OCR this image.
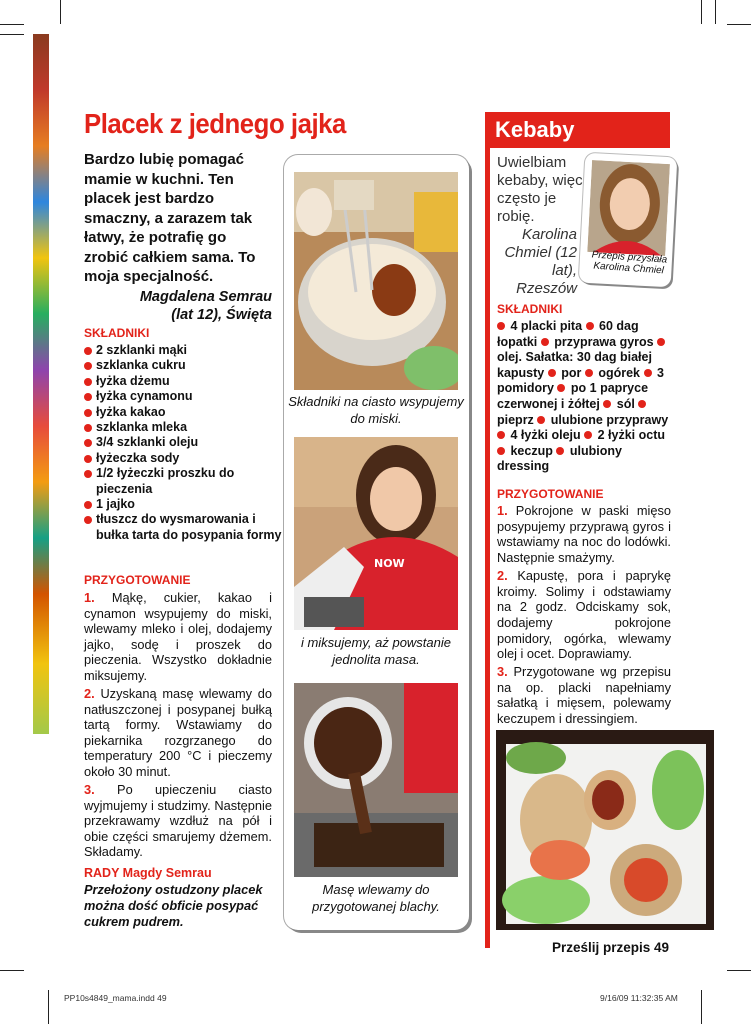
Placek z jednego jajka
Bardzo lubię pomagać mamie w kuchni. Ten placek jest bardzo smaczny, a zarazem tak łatwy, że potrafię go zrobić całkiem sama. To moja specjalność.
Magdalena Semrau
(lat 12), Święta
SKŁADNIKI
2 szklanki mąki
szklanka cukru
łyżka dżemu
łyżka cynamonu
łyżka kakao
szklanka mleka
3/4 szklanki oleju
łyżeczka sody
1/2 łyżeczki proszku do pieczenia
1 jajko
tłuszcz do wysmarowania i bułka tarta do posypania formy
PRZYGOTOWANIE

1. Mąkę, cukier, kakao i cynamon wsypujemy do miski, wlewamy mleko i olej, dodajemy jajko, sodę i proszek do pieczenia. Wszystko dokładnie miksujemy.

2. Uzyskaną masę wlewamy do natłuszczonej i posypanej bułką tartą formy. Wstawiamy do piekarnika rozgrzanego do temperatury 200 °C i pieczemy około 30 minut.

3. Po upieczeniu ciasto wyjmujemy i studzimy. Następnie przekrawamy wzdłuż na pół i obie części smarujemy dżemem. Składamy.

RADY Magdy Semrau
Przełożony ostudzony placek można dość obficie posypać cukrem pudrem.
Składniki na ciasto wsypujemy do miski.
NOW
i miksujemy, aż powstanie jednolita masa.
Masę wlewamy do przygotowanej blachy.
Kebaby
Uwielbiam kebaby, więc często je robię.
Karolina Chmiel (12 lat), Rzeszów
Przepis przysłała Karolina Chmiel
SKŁADNIKI
4 placki pita 60 dag łopatki przyprawa gyros  olej. Sałatka: 30 dag białej kapusty por ogórek 3 pomidory po 1 papryce czerwonej i żółtej sól  pieprz ulubione przyprawy  4 łyżki oleju 2 łyżki octu  keczup ulubiony dressing
PRZYGOTOWANIE

1. Pokrojone w paski mięso posypujemy przyprawą gyros i wstawiamy na noc do lodówki. Następnie smażymy.

2. Kapustę, pora i paprykę kroimy. Solimy i odstawiamy na 2 godz. Odciskamy sok, dodajemy pokrojone pomidory, ogórka, wlewamy olej i ocet. Doprawiamy.

3. Przygotowane wg przepisu na op. placki napełniamy sałatką i mięsem, polewamy keczupem i dressingiem.

Prześlij przepis 49
PP10s4849_mama.indd 49	9/16/09 11:32:35 AM
